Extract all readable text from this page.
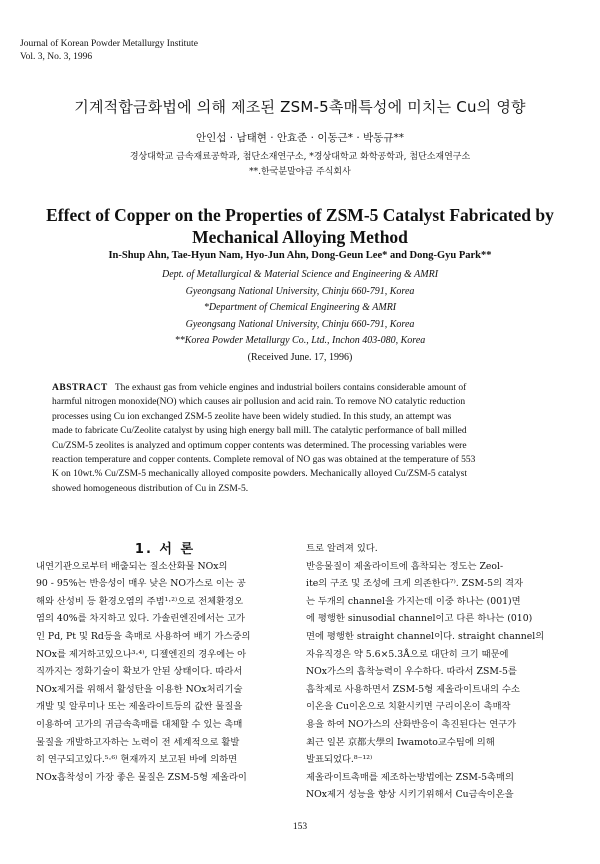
Journal of Korean Powder Metallurgy Institute
Vol. 3, No. 3, 1996
기계적합금화법에 의해 제조된 ZSM-5촉매특성에 미치는 Cu의 영향
안인섭 · 남태현 · 안효준 · 이동근* · 박동규**
경상대학교 금속재료공학과, 첨단소재연구소, *경상대학교 화학공학과, 첨단소재연구소
**.한국분말야금 주식회사
Effect of Copper on the Properties of ZSM-5 Catalyst Fabricated by
Mechanical Alloying Method
In-Shup Ahn, Tae-Hyun Nam, Hyo-Jun Ahn, Dong-Geun Lee* and Dong-Gyu Park**
Dept. of Metallurgical & Material Science and Engineering & AMRI
Gyeongsang National University, Chinju 660-791, Korea
*Department of Chemical Engineering & AMRI
Gyeongsang National University, Chinju 660-791, Korea
**Korea Powder Metallurgy Co., Ltd., Inchon 403-080, Korea
(Received June. 17, 1996)
ABSTRACT The exhaust gas from vehicle engines and industrial boilers contains considerable amount of
harmful nitrogen monoxide(NO) which causes air pollusion and acid rain. To remove NO catalytic reduction
processes using Cu ion exchanged ZSM-5 zeolite have been widely studied. In this study, an attempt was
made to fabricate Cu/Zeolite catalyst by using high energy ball mill. The catalytic performance of ball milled
Cu/ZSM-5 zeolites is analyzed and optimum copper contents was determined. The processing variables were
reaction temperature and copper contents. Complete removal of NO gas was obtained at the temperature of 553
K on 10wt.% Cu/ZSM-5 mechanically alloyed composite powders. Mechanically alloyed Cu/ZSM-5 catalyst
showed homogeneous distribution of Cu in ZSM-5.
1. 서 론

내연기관으로부터 배출되는 질소산화물 NOx의
90 - 95%는 반응성이 매우 낮은 NO가스로 이는 공
해와 산성비 등 환경오염의 주범¹·²⁾으로 전체환경오
염의 40%를 차지하고 있다. 가솔린엔진에서는 고가
인 Pd, Pt 및 Rd등을 촉매로 사용하여 배기 가스중의
NOx를 제거하고있으나³·⁴⁾, 디젤엔진의 경우에는 아
직까지는 정화기술이 확보가 안된 상태이다. 따라서
NOx제거를 위해서 활성탄을 이용한 NOx처리기술
개발 및 알루미나 또는 제올라이트등의 값싼 물질을
이용하여 고가의 귀금속촉매를 대체할 수 있는 촉매
물질을 개발하고자하는 노력이 전 세계적으로 활발
히 연구되고있다.⁵·⁶⁾ 현재까지 보고된 바에 의하면
NOx흡착성이 가장 좋은 물질은 ZSM-5형 제올라이
트로 알려져 있다.
반응물질이 제올라이트에 흡착되는 정도는 Zeol-
ite의 구조 및 조성에 크게 의존한다⁷⁾. ZSM-5의 격자
는 두개의 channel을 가지는데 이중 하나는 (001)면
에 평행한 sinusodial channel이고 다른 하나는 (010)
면에 평행한 straight channel이다. straight channel의
자유직경은 약 5.6×5.3Å으로 대단히 크기 때문에
NOx가스의 흡착능력이 우수하다. 따라서 ZSM-5를
흡착제로 사용하면서 ZSM-5형 제올라이트내의 수소
이온을 Cu이온으로 치환시키면 구리이온이 촉매작
용을 하여 NO가스의 산화반응이 촉진된다는 연구가
최근 일본 京都大學의 Iwamoto교수팀에 의해
발표되었다.⁸⁻¹²⁾
제올라이트촉매를 제조하는방법에는 ZSM-5촉매의
NOx제거 성능을 향상 시키기위해서 Cu금속이온을
153
